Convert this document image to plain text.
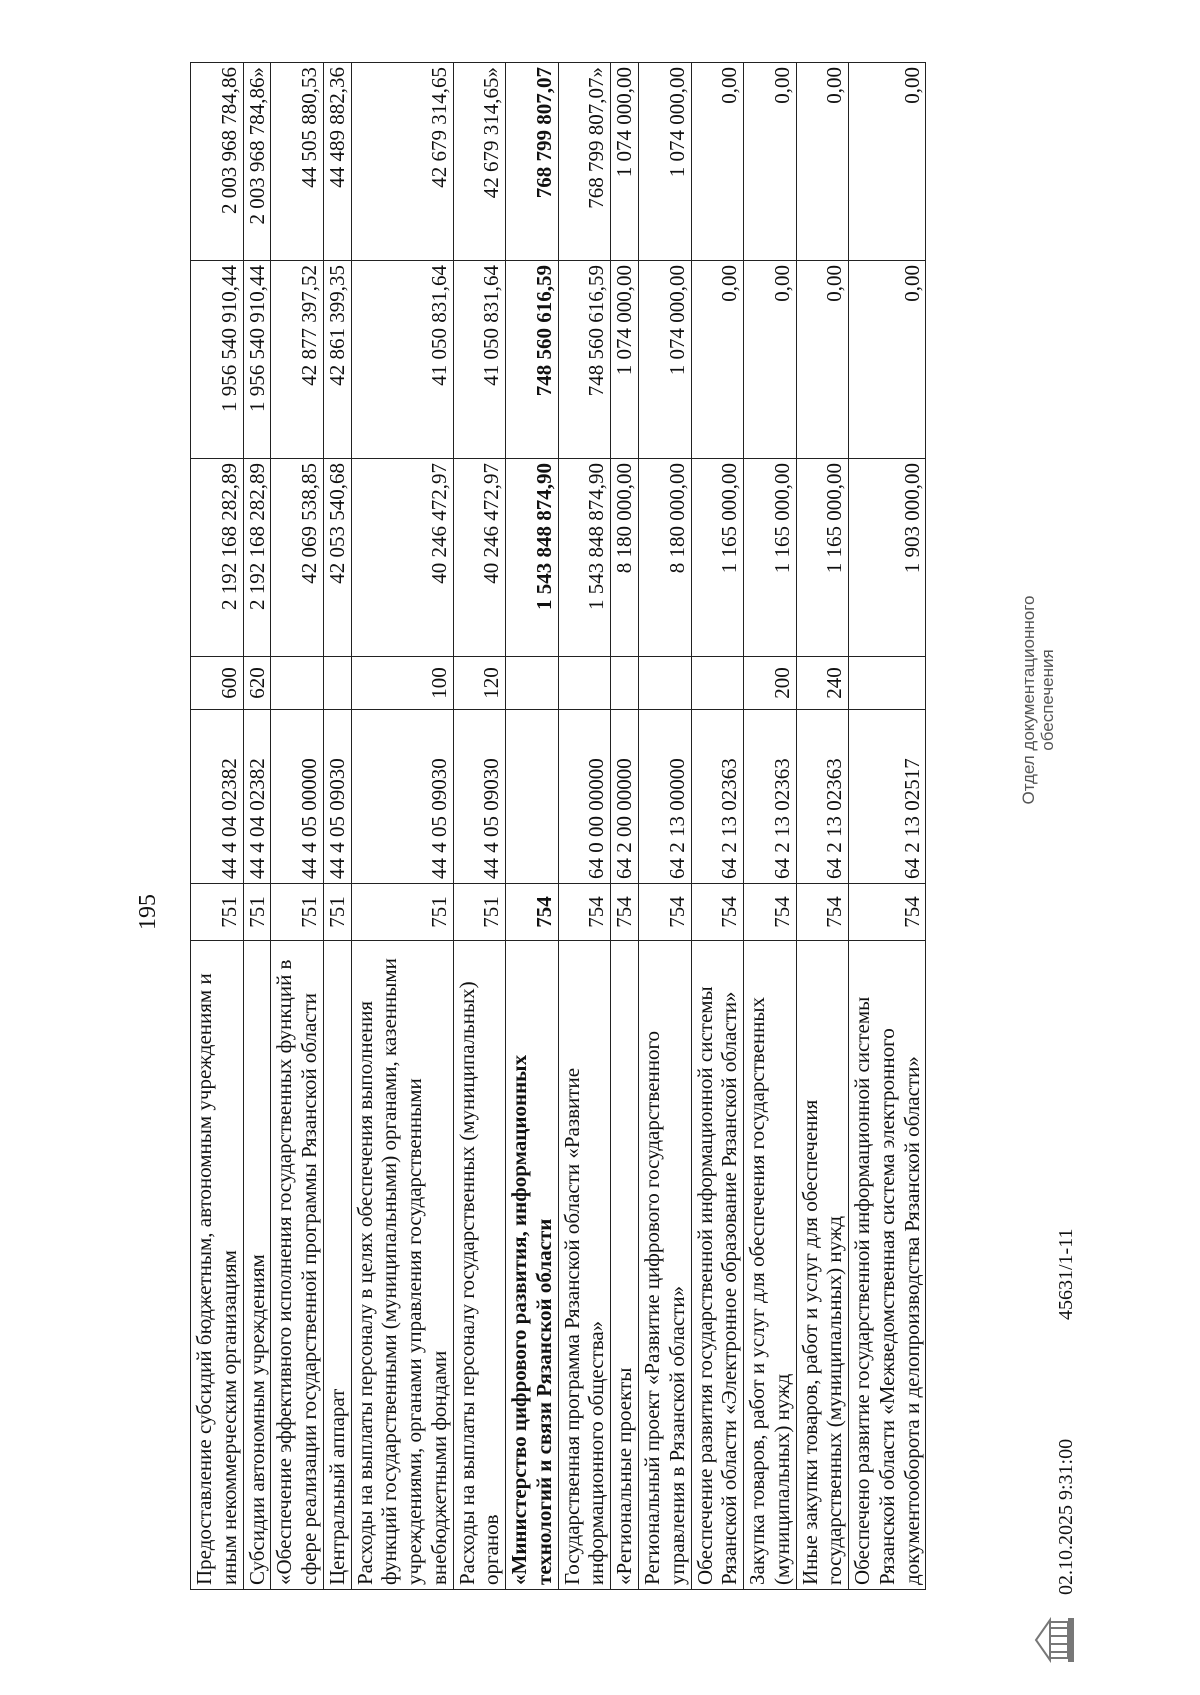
195
Предоставление субсидий бюджетным, автономным учреждениям и иным некоммерческим организациям	751	44 4 04 02382	600	2 192 168 282,89	1 956 540 910,44	2 003 968 784,86
Субсидии автономным учреждениям	751	44 4 04 02382	620	2 192 168 282,89	1 956 540 910,44	2 003 968 784,86»
«Обеспечение эффективного исполнения государственных функций в сфере реализации государственной программы Рязанской области	751	44 4 05 00000		42 069 538,85	42 877 397,52	44 505 880,53
Центральный аппарат	751	44 4 05 09030		42 053 540,68	42 861 399,35	44 489 882,36
Расходы на выплаты персоналу в целях обеспечения выполнения функций государственными (муниципальными) органами, казенными учреждениями, органами управления государственными внебюджетными фондами	751	44 4 05 09030	100	40 246 472,97	41 050 831,64	42 679 314,65
Расходы на выплаты персоналу государственных (муниципальных) органов	751	44 4 05 09030	120	40 246 472,97	41 050 831,64	42 679 314,65»
«Министерство цифрового развития, информационных технологий и связи Рязанской области	754			1 543 848 874,90	748 560 616,59	768 799 807,07
Государственная программа Рязанской области «Развитие информационного общества»	754	64 0 00 00000		1 543 848 874,90	748 560 616,59	768 799 807,07»
«Региональные проекты	754	64 2 00 00000		8 180 000,00	1 074 000,00	1 074 000,00
Региональный проект «Развитие цифрового государственного управления в Рязанской области»	754	64 2 13 00000		8 180 000,00	1 074 000,00	1 074 000,00
Обеспечение развития государственной информационной системы Рязанской области «Электронное образование Рязанской области»	754	64 2 13 02363		1 165 000,00	0,00	0,00
Закупка товаров, работ и услуг для обеспечения государственных (муниципальных) нужд	754	64 2 13 02363	200	1 165 000,00	0,00	0,00
Иные закупки товаров, работ и услуг для обеспечения государственных (муниципальных) нужд	754	64 2 13 02363	240	1 165 000,00	0,00	0,00
Обеспечено развитие государственной информационной системы Рязанской области «Межведомственная система электронного документооборота и делопроизводства Рязанской области»	754	64 2 13 02517		1 903 000,00	0,00	0,00
02.10.2025 9:31:00
45631/1-11
Отдел документационного обеспечения
